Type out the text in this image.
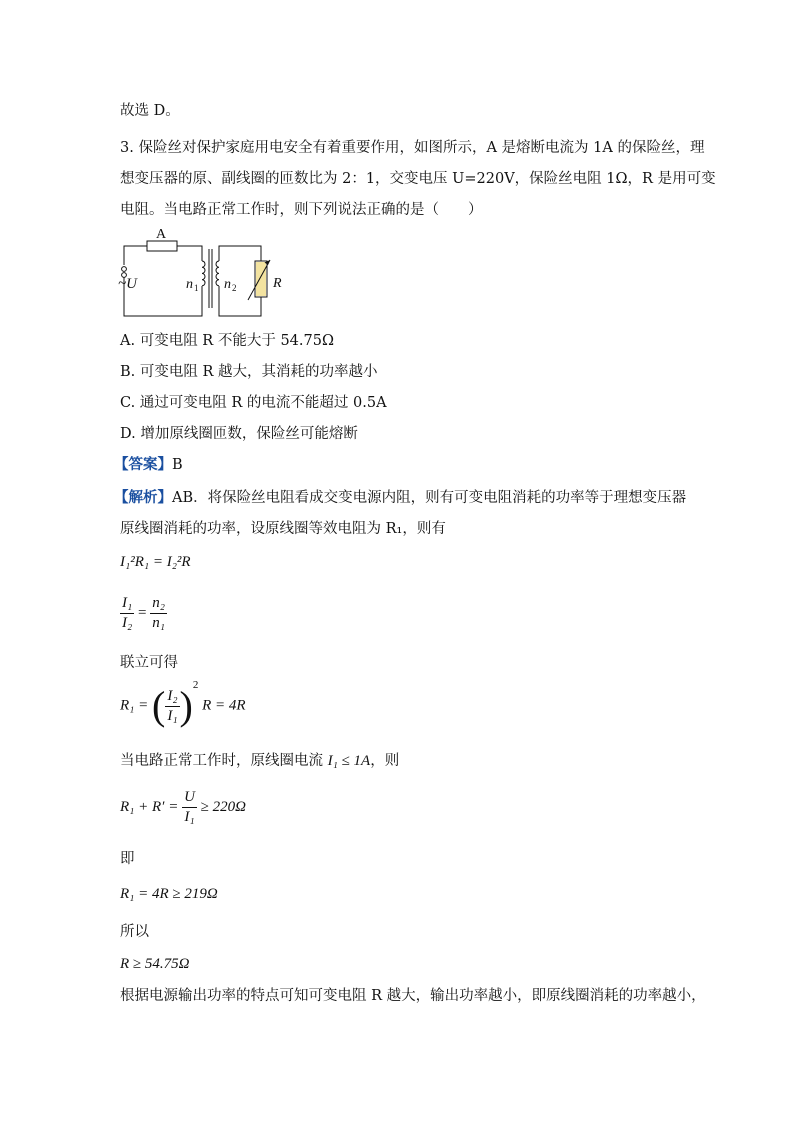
故选 D。
3. 保险丝对保护家庭用电安全有着重要作用，如图所示，A 是熔断电流为 1A 的保险丝，理
想变压器的原、副线圈的匝数比为 2：1，交变电压 U=220V，保险丝电阻 1Ω，R 是用可变
电阻。当电路正常工作时，则下列说法正确的是（　　）
A
~U	n 1 n 2	R
A. 可变电阻 R 不能大于 54.75Ω
B. 可变电阻 R 越大，其消耗的功率越小
C. 通过可变电阻 R 的电流不能超过 0.5A
D. 增加原线圈匝数，保险丝可能熔断
【答案】B
【解析】AB．将保险丝电阻看成交变电源内阻，则有可变电阻消耗的功率等于理想变压器
原线圈消耗的功率，设原线圈等效电阻为 R₁，则有
I₁²R₁ = I₂²R
$\frac{\text{I₁}}{\text{I₂}} = \frac{\text{n₂}}{\text{n₁}}$
联立可得
R₁ = ( $\frac{\text{I₂}}{\text{I₁}} )^2$ R = 4R
当电路正常工作时，原线圈电流 I₁ ≤ 1A，则
$R_1 + R' = \frac{U}{\text{I₁}} \ge 220\Omega$
即
R₁ = 4R ≥ 219Ω
所以
R ≥ 54.75Ω
根据电源输出功率的特点可知可变电阻 R 越大，输出功率越小，即原线圈消耗的功率越小，
